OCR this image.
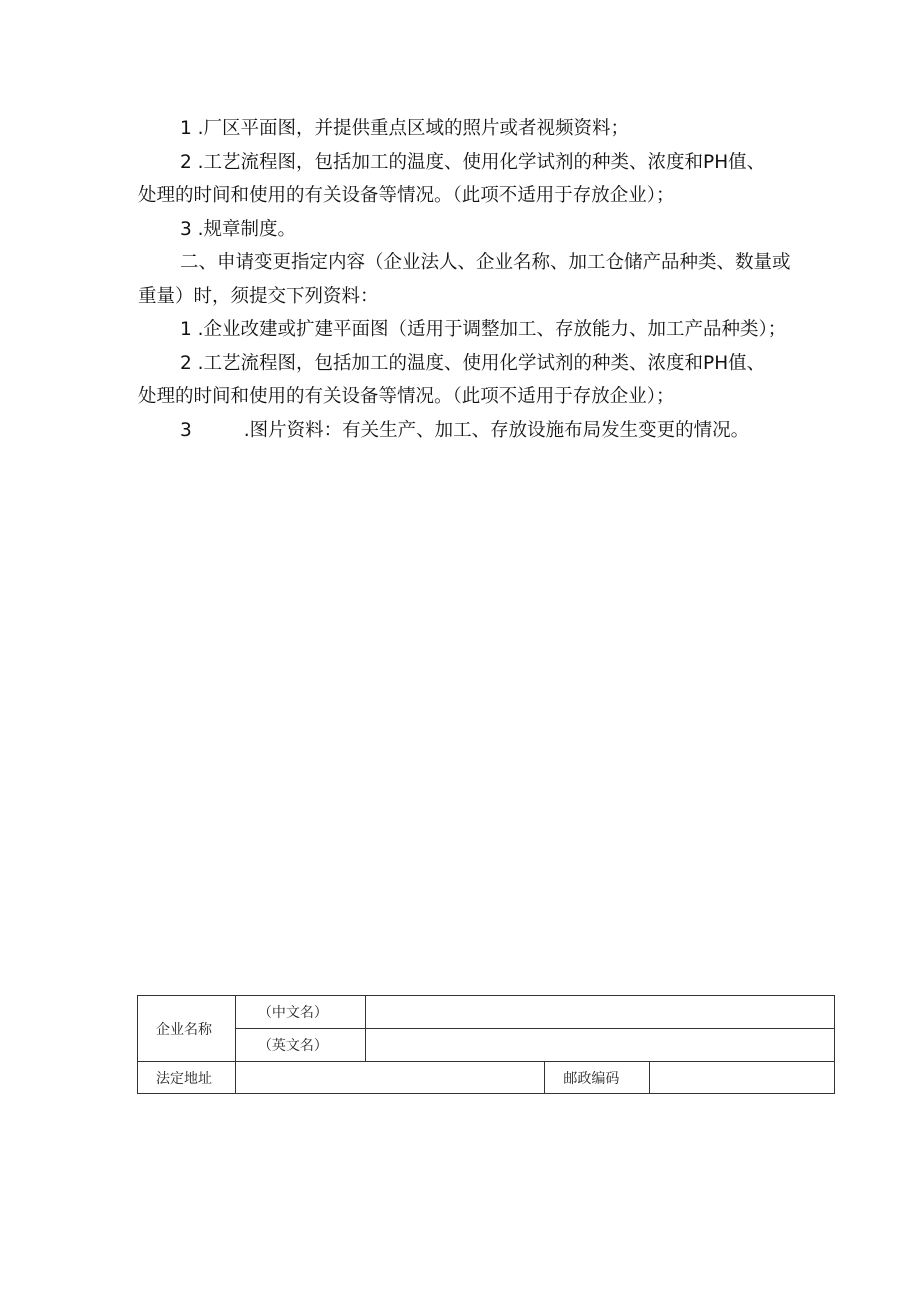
1 .厂区平面图，并提供重点区域的照片或者视频资料；

2 .工艺流程图，包括加工的温度、使用化学试剂的种类、浓度和PH值、

处理的时间和使用的有关设备等情况。（此项不适用于存放企业）；

3 .规章制度。

二、申请变更指定内容（企业法人、企业名称、加工仓储产品种类、数量或

重量）时，须提交下列资料：

1 .企业改建或扩建平面图（适用于调整加工、存放能力、加工产品种类）；

2 .工艺流程图，包括加工的温度、使用化学试剂的种类、浓度和PH值、

处理的时间和使用的有关设备等情况。（此项不适用于存放企业）；

3	.图片资料：有关生产、加工、存放设施布局发生变更的情况。

企业名称	（中文名）			
	（英文名）			
法定地址			邮政编码	
